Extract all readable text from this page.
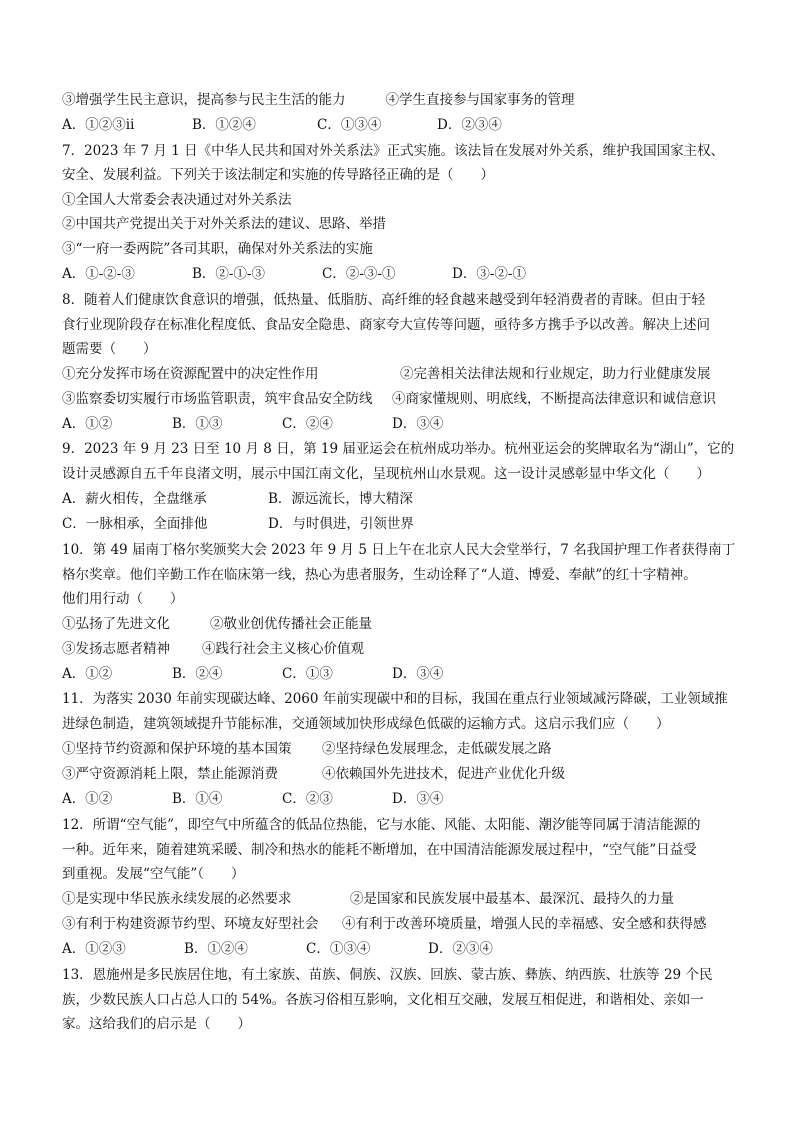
③增强学生民主意识，提高参与民主生活的能力	④学生直接参与国家事务的管理
A．①②③ⅱ	B．①②④	C．①③④	D．②③④
7．2023 年 7 月 1 日《中华人民共和国对外关系法》正式实施。该法旨在发展对外关系，维护我国国家主权、
安全、发展利益。下列关于该法制定和实施的传导路径正确的是（　　）
①全国人大常委会表决通过对外关系法
②中国共产党提出关于对外关系法的建议、思路、举措
③“一府一委两院”各司其职，确保对外关系法的实施
A．①-②-③	B．②-①-③	C．②-③-①	D．③-②-①
8．随着人们健康饮食意识的增强，低热量、低脂肪、高纤维的轻食越来越受到年轻消费者的青睐。但由于轻
食行业现阶段存在标准化程度低、食品安全隐患、商家夸大宣传等问题，亟待多方携手予以改善。解决上述问
题需要（　　）
①充分发挥市场在资源配置中的决定性作用	②完善相关法律法规和行业规定，助力行业健康发展
③监察委切实履行市场监管职责，筑牢食品安全防线 ④商家懂规则、明底线，不断提高法律意识和诚信意识
A．①②	B．①③	C．②④	D．③④
9．2023 年 9 月 23 日至 10 月 8 日，第 19 届亚运会在杭州成功举办。杭州亚运会的奖牌取名为“湖山”，它的
设计灵感源自五千年良渚文明，展示中国江南文化，呈现杭州山水景观。这一设计灵感彰显中华文化（　　）
A．薪火相传，全盘继承	B．源远流长，博大精深
C．一脉相承，全面排他	D．与时俱进，引领世界
10．第 49 届南丁格尔奖颁奖大会 2023 年 9 月 5 日上午在北京人民大会堂举行，7 名我国护理工作者获得南丁
格尔奖章。他们辛勤工作在临床第一线，热心为患者服务，生动诠释了“人道、博爱、奉献”的红十字精神。
他们用行动（　　）
①弘扬了先进文化	②敬业创优传播社会正能量
③发扬志愿者精神 ④践行社会主义核心价值观
A．①②	B．②④	C．①③	D．③④
11．为落实 2030 年前实现碳达峰、2060 年前实现碳中和的目标，我国在重点行业领域减污降碳，工业领域推
进绿色制造，建筑领域提升节能标准，交通领域加快形成绿色低碳的运输方式。这启示我们应（　　）
①坚持节约资源和保护环境的基本国策 ②坚持绿色发展理念，走低碳发展之路
③严守资源消耗上限，禁止能源消费	④依赖国外先进技术，促进产业优化升级
A．①②	B．①④	C．②③	D．③④
12．所谓“空气能”，即空气中所蕴含的低品位热能，它与水能、风能、太阳能、潮汐能等同属于清洁能源的
一种。近年来，随着建筑采暖、制冷和热水的能耗不断增加，在中国清洁能源发展过程中，“空气能”日益受
到重视。发展“空气能”（　　）
①是实现中华民族永续发展的必然要求	②是国家和民族发展中最基本、最深沉、最持久的力量
③有利于构建资源节约型、环境友好型社会 ④有利于改善环境质量，增强人民的幸福感、安全感和获得感
A．①②③	B．①②④	C．①③④	D．②③④
13．恩施州是多民族居住地，有土家族、苗族、侗族、汉族、回族、蒙古族、彝族、纳西族、壮族等 29 个民
族，少数民族人口占总人口的 54%。各族习俗相互影响，文化相互交融，发展互相促进，和谐相处、亲如一
家。这给我们的启示是（　　）
